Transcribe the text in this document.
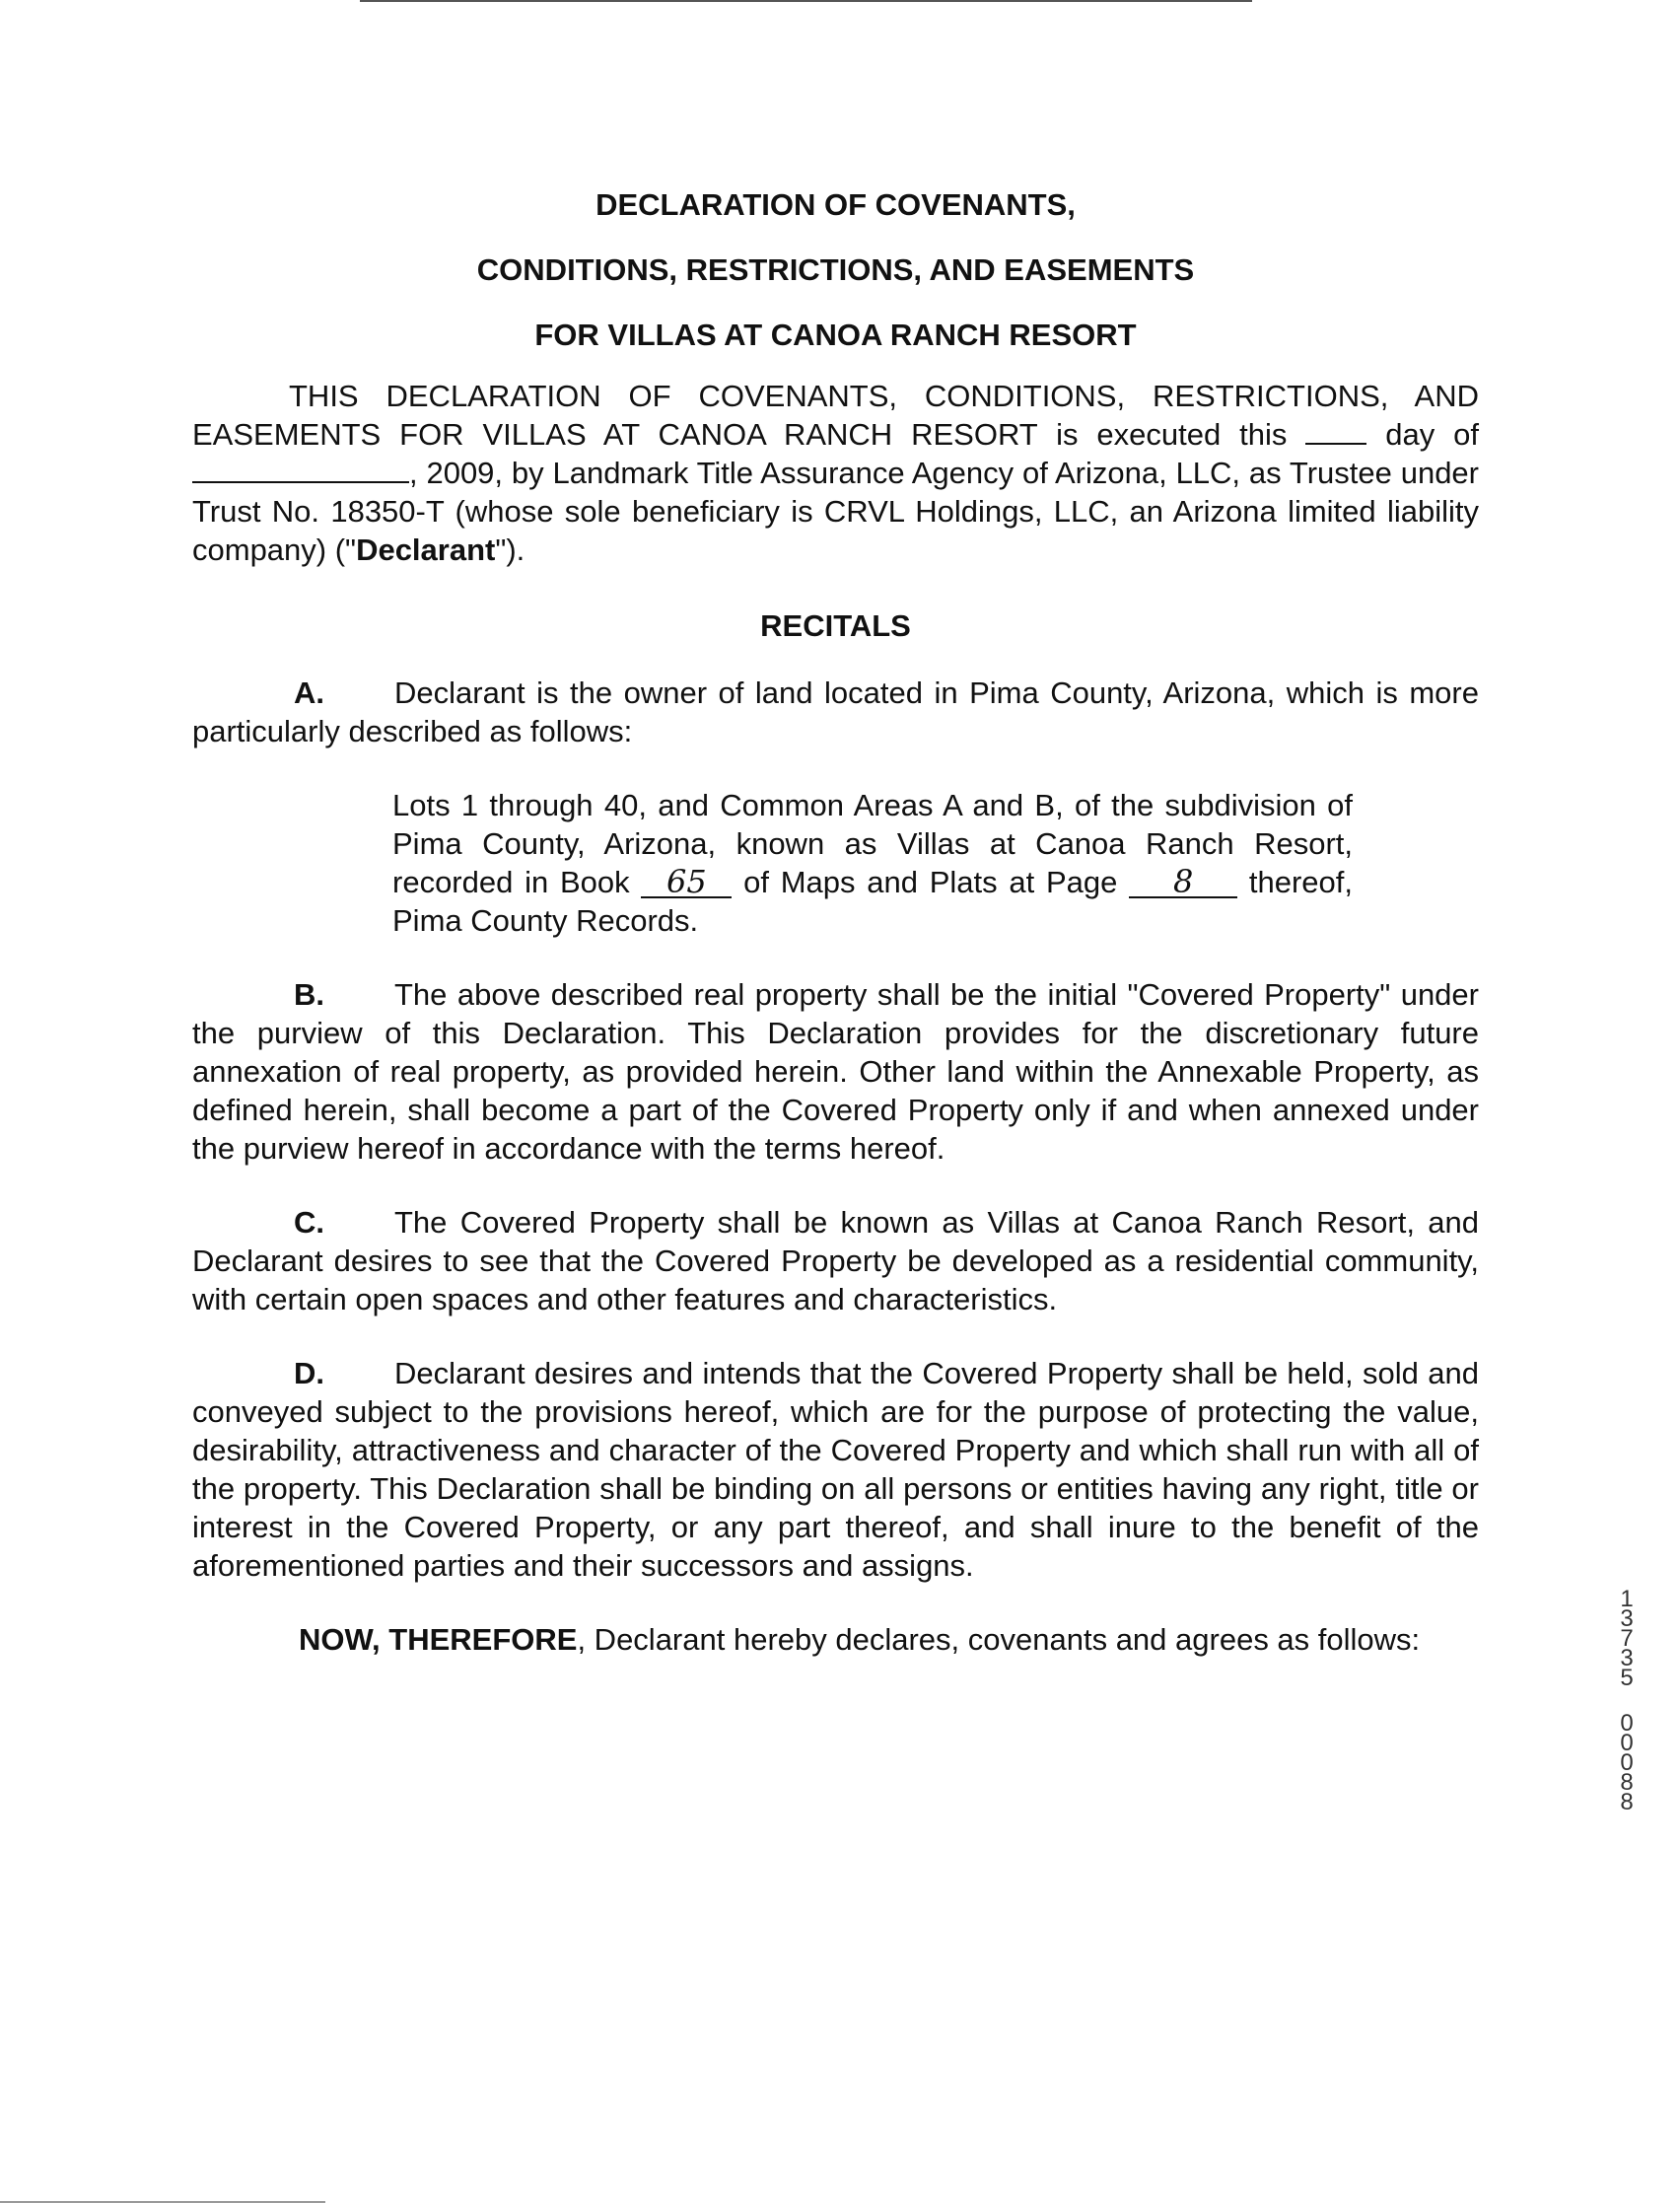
DECLARATION OF COVENANTS,
CONDITIONS, RESTRICTIONS, AND EASEMENTS
FOR VILLAS AT CANOA RANCH RESORT

THIS DECLARATION OF COVENANTS, CONDITIONS, RESTRICTIONS, AND EASEMENTS FOR VILLAS AT CANOA RANCH RESORT is executed this  day of , 2009, by Landmark Title Assurance Agency of Arizona, LLC, as Trustee under Trust No. 18350-T (whose sole beneficiary is CRVL Holdings, LLC, an Arizona limited liability company) ("Declarant").

RECITALS

A. Declarant is the owner of land located in Pima County, Arizona, which is more particularly described as follows:

Lots 1 through 40, and Common Areas A and B, of the subdivision of Pima County, Arizona, known as Villas at Canoa Ranch Resort, recorded in Book 65 of Maps and Plats at Page 8 thereof, Pima County Records.

B. The above described real property shall be the initial "Covered Property" under the purview of this Declaration. This Declaration provides for the discretionary future annexation of real property, as provided herein. Other land within the Annexable Property, as defined herein, shall become a part of the Covered Property only if and when annexed under the purview hereof in accordance with the terms hereof.

C. The Covered Property shall be known as Villas at Canoa Ranch Resort, and Declarant desires to see that the Covered Property be developed as a residential community, with certain open spaces and other features and characteristics.

D. Declarant desires and intends that the Covered Property shall be held, sold and conveyed subject to the provisions hereof, which are for the purpose of protecting the value, desirability, attractiveness and character of the Covered Property and which shall run with all of the property. This Declaration shall be binding on all persons or entities having any right, title or interest in the Covered Property, or any part thereof, and shall inure to the benefit of the aforementioned parties and their successors and assigns.

NOW, THEREFORE, Declarant hereby declares, covenants and agrees as follows:

13735
00088
